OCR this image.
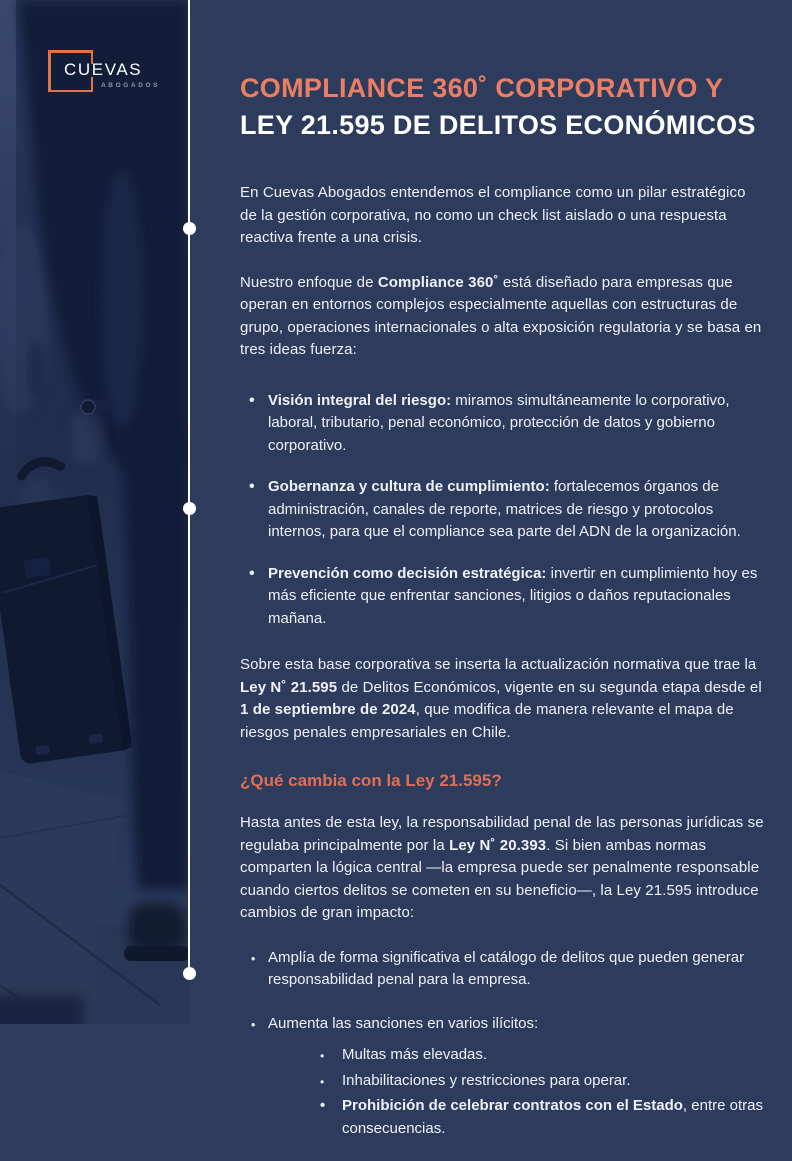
CUEVAS
ABOGADOS	COMPLIANCE 360˚ CORPORATIVO Y
LEY 21.595 DE DELITOS ECONÓMICOS

En Cuevas Abogados entendemos el compliance como un pilar estratégico de la gestión corporativa, no como un check list aislado o una respuesta reactiva frente a una crisis.

Nuestro enfoque de Compliance 360˚ está diseñado para empresas que operan en entornos complejos especialmente aquellas con estructuras de grupo, operaciones internacionales o alta exposición regulatoria y se basa en tres ideas fuerza:

• Visión integral del riesgo: miramos simultáneamente lo corporativo, laboral, tributario, penal económico, protección de datos y gobierno corporativo.
• Gobernanza y cultura de cumplimiento: fortalecemos órganos de administración, canales de reporte, matrices de riesgo y protocolos internos, para que el compliance sea parte del ADN de la organización.
• Prevención como decisión estratégica: invertir en cumplimiento hoy es más eficiente que enfrentar sanciones, litigios o daños reputacionales mañana.

Sobre esta base corporativa se inserta la actualización normativa que trae la Ley N˚ 21.595 de Delitos Económicos, vigente en su segunda etapa desde el 1 de septiembre de 2024, que modifica de manera relevante el mapa de riesgos penales empresariales en Chile.

¿Qué cambia con la Ley 21.595?

Hasta antes de esta ley, la responsabilidad penal de las personas jurídicas se regulaba principalmente por la Ley N˚ 20.393. Si bien ambas normas comparten la lógica central —la empresa puede ser penalmente responsable cuando ciertos delitos se cometen en su beneficio—, la Ley 21.595 introduce cambios de gran impacto:

• Amplía de forma significativa el catálogo de delitos que pueden generar responsabilidad penal para la empresa.
• Aumenta las sanciones en varios ilícitos:
• Multas más elevadas.
• Inhabilitaciones y restricciones para operar.
• Prohibición de celebrar contratos con el Estado, entre otras consecuencias.
